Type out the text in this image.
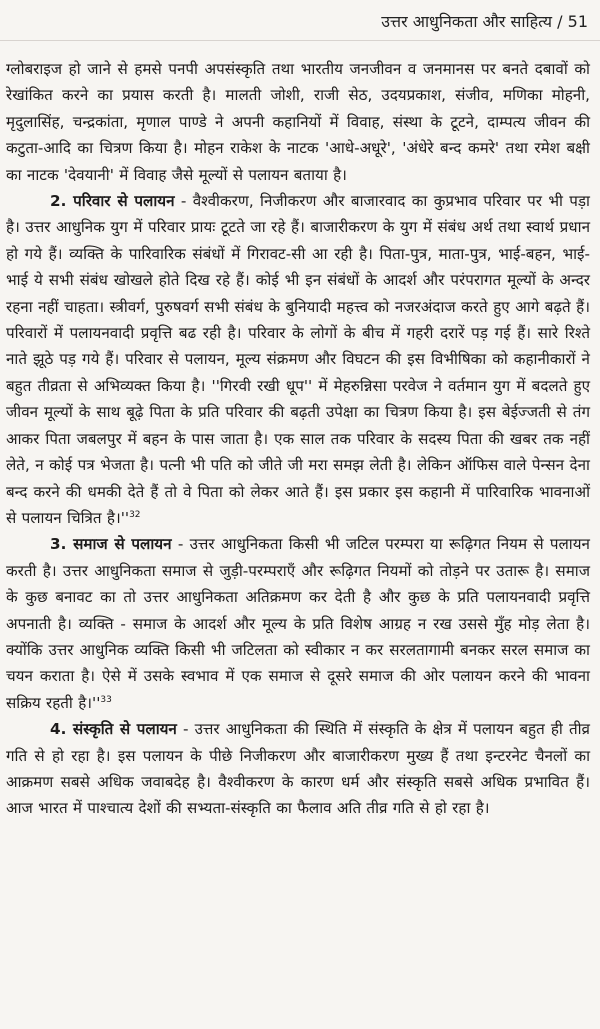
उत्तर आधुनिकता और साहित्य / 51

ग्लोबराइज हो जाने से हमसे पनपी अपसंस्कृति तथा भारतीय जनजीवन व जनमानस पर बनते दबावों को रेखांकित करने का प्रयास करती है। मालती जोशी, राजी सेठ, उदयप्रकाश, संजीव, मणिका मोहनी, मृदुलासिंह, चन्द्रकांता, मृणाल पाण्डे ने अपनी कहानियों में विवाह, संस्था के टूटने, दाम्पत्य जीवन की कटुता-आदि का चित्रण किया है। मोहन राकेश के नाटक 'आधे-अधूरे', 'अंधेरे बन्द कमरे' तथा रमेश बक्षी का नाटक 'देवयानी' में विवाह जैसे मूल्यों से पलायन बताया है।

2. परिवार से पलायन - वैश्वीकरण, निजीकरण और बाजारवाद का कुप्रभाव परिवार पर भी पड़ा है। उत्तर आधुनिक युग में परिवार प्रायः टूटते जा रहे हैं। बाजारीकरण के युग में संबंध अर्थ तथा स्वार्थ प्रधान हो गये हैं। व्यक्ति के पारिवारिक संबंधों में गिरावट-सी आ रही है। पिता-पुत्र, माता-पुत्र, भाई-बहन, भाई-भाई ये सभी संबंध खोखले होते दिख रहे हैं। कोई भी इन संबंधों के आदर्श और परंपरागत मूल्यों के अन्दर रहना नहीं चाहता। स्त्रीवर्ग, पुरुषवर्ग सभी संबंध के बुनियादी महत्त्व को नजरअंदाज करते हुए आगे बढ़ते हैं। परिवारों में पलायनवादी प्रवृत्ति बढ रही है। परिवार के लोगों के बीच में गहरी दरारें पड़ गई हैं। सारे रिश्ते नाते झूठे पड़ गये हैं। परिवार से पलायन, मूल्य संक्रमण और विघटन की इस विभीषिका को कहानीकारों ने बहुत तीव्रता से अभिव्यक्त किया है। ''गिरवी रखी धूप'' में मेहरुन्निसा परवेज ने वर्तमान युग में बदलते हुए जीवन मूल्यों के साथ बूढ़े पिता के प्रति परिवार की बढ़ती उपेक्षा का चित्रण किया है। इस बेईज्जती से तंग आकर पिता जबलपुर में बहन के पास जाता है। एक साल तक परिवार के सदस्य पिता की खबर तक नहीं लेते, न कोई पत्र भेजता है। पत्नी भी पति को जीते जी मरा समझ लेती है। लेकिन ऑफिस वाले पेन्सन देना बन्द करने की धमकी देते हैं तो वे पिता को लेकर आते हैं। इस प्रकार इस कहानी में पारिवारिक भावनाओं से पलायन चित्रित $है।''^{32}$

3. समाज से पलायन - उत्तर आधुनिकता किसी भी जटिल परम्परा या रूढ़िगत नियम से पलायन करती है। उत्तर आधुनिकता समाज से जुड़ी-परम्पराएँ और रूढ़िगत नियमों को तोड़ने पर उतारू है। समाज के कुछ बनावट का तो उत्तर आधुनिकता अतिक्रमण कर देती है और कुछ के प्रति पलायनवादी प्रवृत्ति अपनाती है। व्यक्ति - समाज के आदर्श और मूल्य के प्रति विशेष आग्रह न रख उससे मुँह मोड़ लेता है। क्योंकि उत्तर आधुनिक व्यक्ति किसी भी जटिलता को स्वीकार न कर सरलतागामी बनकर सरल समाज का चयन कराता है। ऐसे में उसके स्वभाव में एक समाज से दूसरे समाज की ओर पलायन करने की भावना सक्रिय रहती $है।''^{33}$

4. संस्कृति से पलायन - उत्तर आधुनिकता की स्थिति में संस्कृति के क्षेत्र में पलायन बहुत ही तीव्र गति से हो रहा है। इस पलायन के पीछे निजीकरण और बाजारीकरण मुख्य हैं तथा इन्टरनेट चैनलों का आक्रमण सबसे अधिक जवाबदेह है। वैश्वीकरण के कारण धर्म और संस्कृति सबसे अधिक प्रभावित हैं। आज भारत में पाश्चात्य देशों की सभ्यता-संस्कृति का फैलाव अति तीव्र गति से हो रहा है।
